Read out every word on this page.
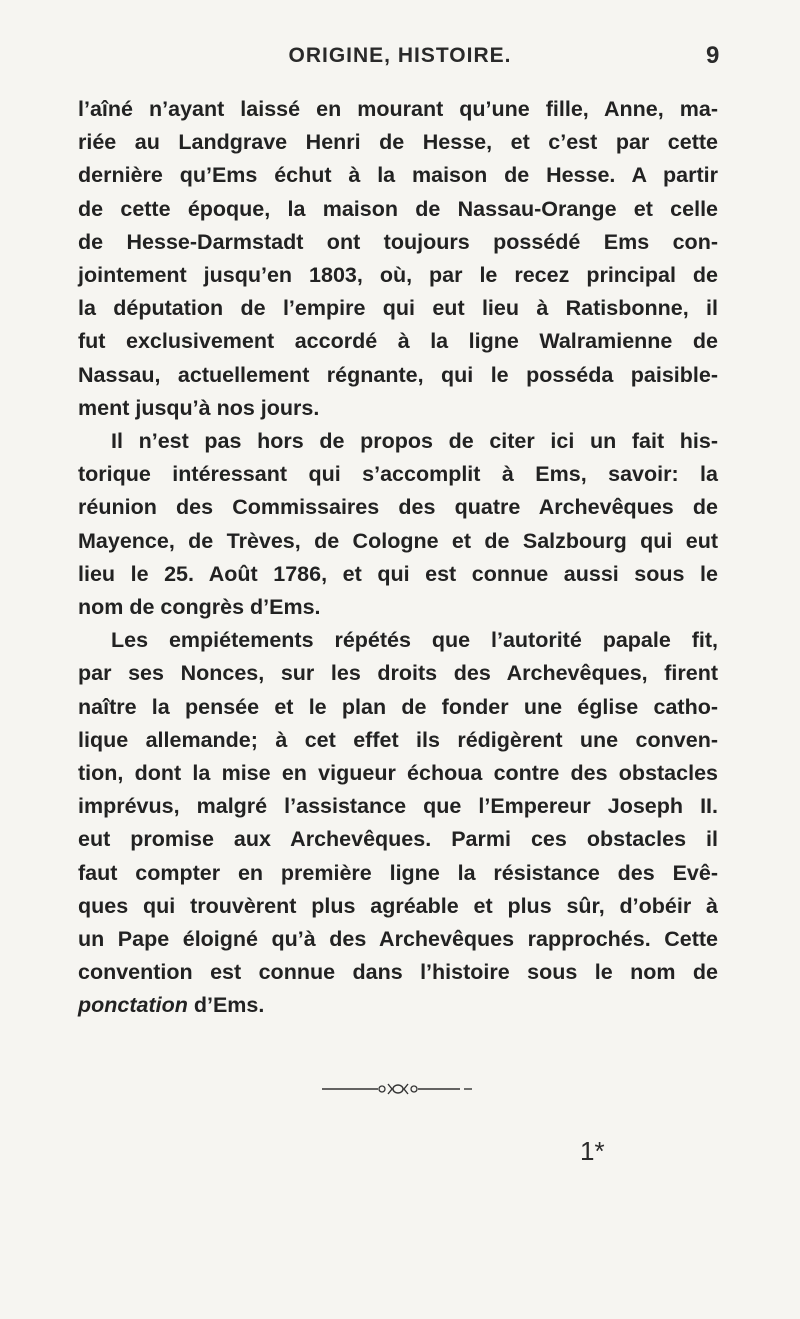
ORIGINE, HISTOIRE.	9
l’aîné n’ayant laissé en mourant qu’une fille, Anne, ma-
riée au Landgrave Henri de Hesse, et c’est par cette
dernière qu’Ems échut à la maison de Hesse. A partir
de cette époque, la maison de Nassau-Orange et celle
de Hesse-Darmstadt ont toujours possédé Ems con-
jointement jusqu’en 1803, où, par le recez principal de
la députation de l’empire qui eut lieu à Ratisbonne, il
fut exclusivement accordé à la ligne Walramienne de
Nassau, actuellement régnante, qui le posséda paisible-
ment jusqu’à nos jours.
Il n’est pas hors de propos de citer ici un fait his-
torique intéressant qui s’accomplit à Ems, savoir: la
réunion des Commissaires des quatre Archevêques de
Mayence, de Trèves, de Cologne et de Salzbourg qui eut
lieu le 25. Août 1786, et qui est connue aussi sous le
nom de congrès d’Ems.
Les empiétements répétés que l’autorité papale fit,
par ses Nonces, sur les droits des Archevêques, firent
naître la pensée et le plan de fonder une église catho-
lique allemande; à cet effet ils rédigèrent une conven-
tion, dont la mise en vigueur échoua contre des obstacles
imprévus, malgré l’assistance que l’Empereur Joseph II.
eut promise aux Archevêques. Parmi ces obstacles il
faut compter en première ligne la résistance des Evê-
ques qui trouvèrent plus agréable et plus sûr, d’obéir à
un Pape éloigné qu’à des Archevêques rapprochés. Cette
convention est connue dans l’histoire sous le nom de
ponctation d’Ems.
1*
